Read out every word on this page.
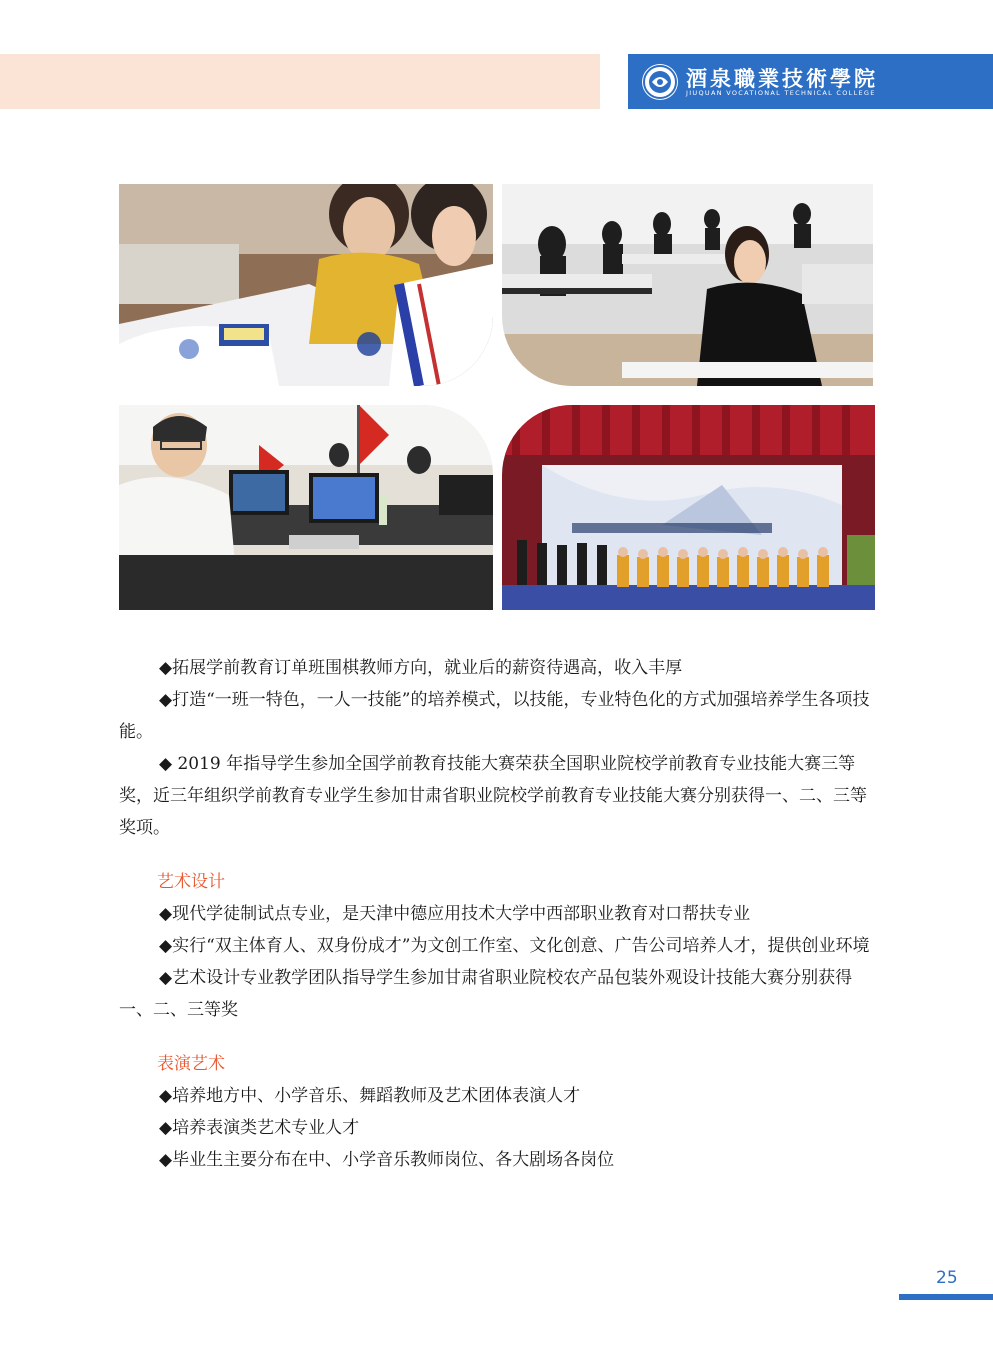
酒泉職業技術學院
JIUQUAN VOCATIONAL TECHNICAL COLLEGE

◆拓展学前教育订单班围棋教师方向，就业后的薪资待遇高，收入丰厚

◆打造“一班一特色，一人一技能”的培养模式，以技能，专业特色化的方式加强培养学生各项技能。

◆ 2019 年指导学生参加全国学前教育技能大赛荣获全国职业院校学前教育专业技能大赛三等奖，近三年组织学前教育专业学生参加甘肃省职业院校学前教育专业技能大赛分别获得一、二、三等奖项。

艺术设计

◆现代学徒制试点专业，是天津中德应用技术大学中西部职业教育对口帮扶专业

◆实行“双主体育人、双身份成才”为文创工作室、文化创意、广告公司培养人才，提供创业环境

◆艺术设计专业教学团队指导学生参加甘肃省职业院校农产品包装外观设计技能大赛分别获得一、二、三等奖

表演艺术

◆培养地方中、小学音乐、舞蹈教师及艺术团体表演人才

◆培养表演类艺术专业人才

◆毕业生主要分布在中、小学音乐教师岗位、各大剧场各岗位

25
